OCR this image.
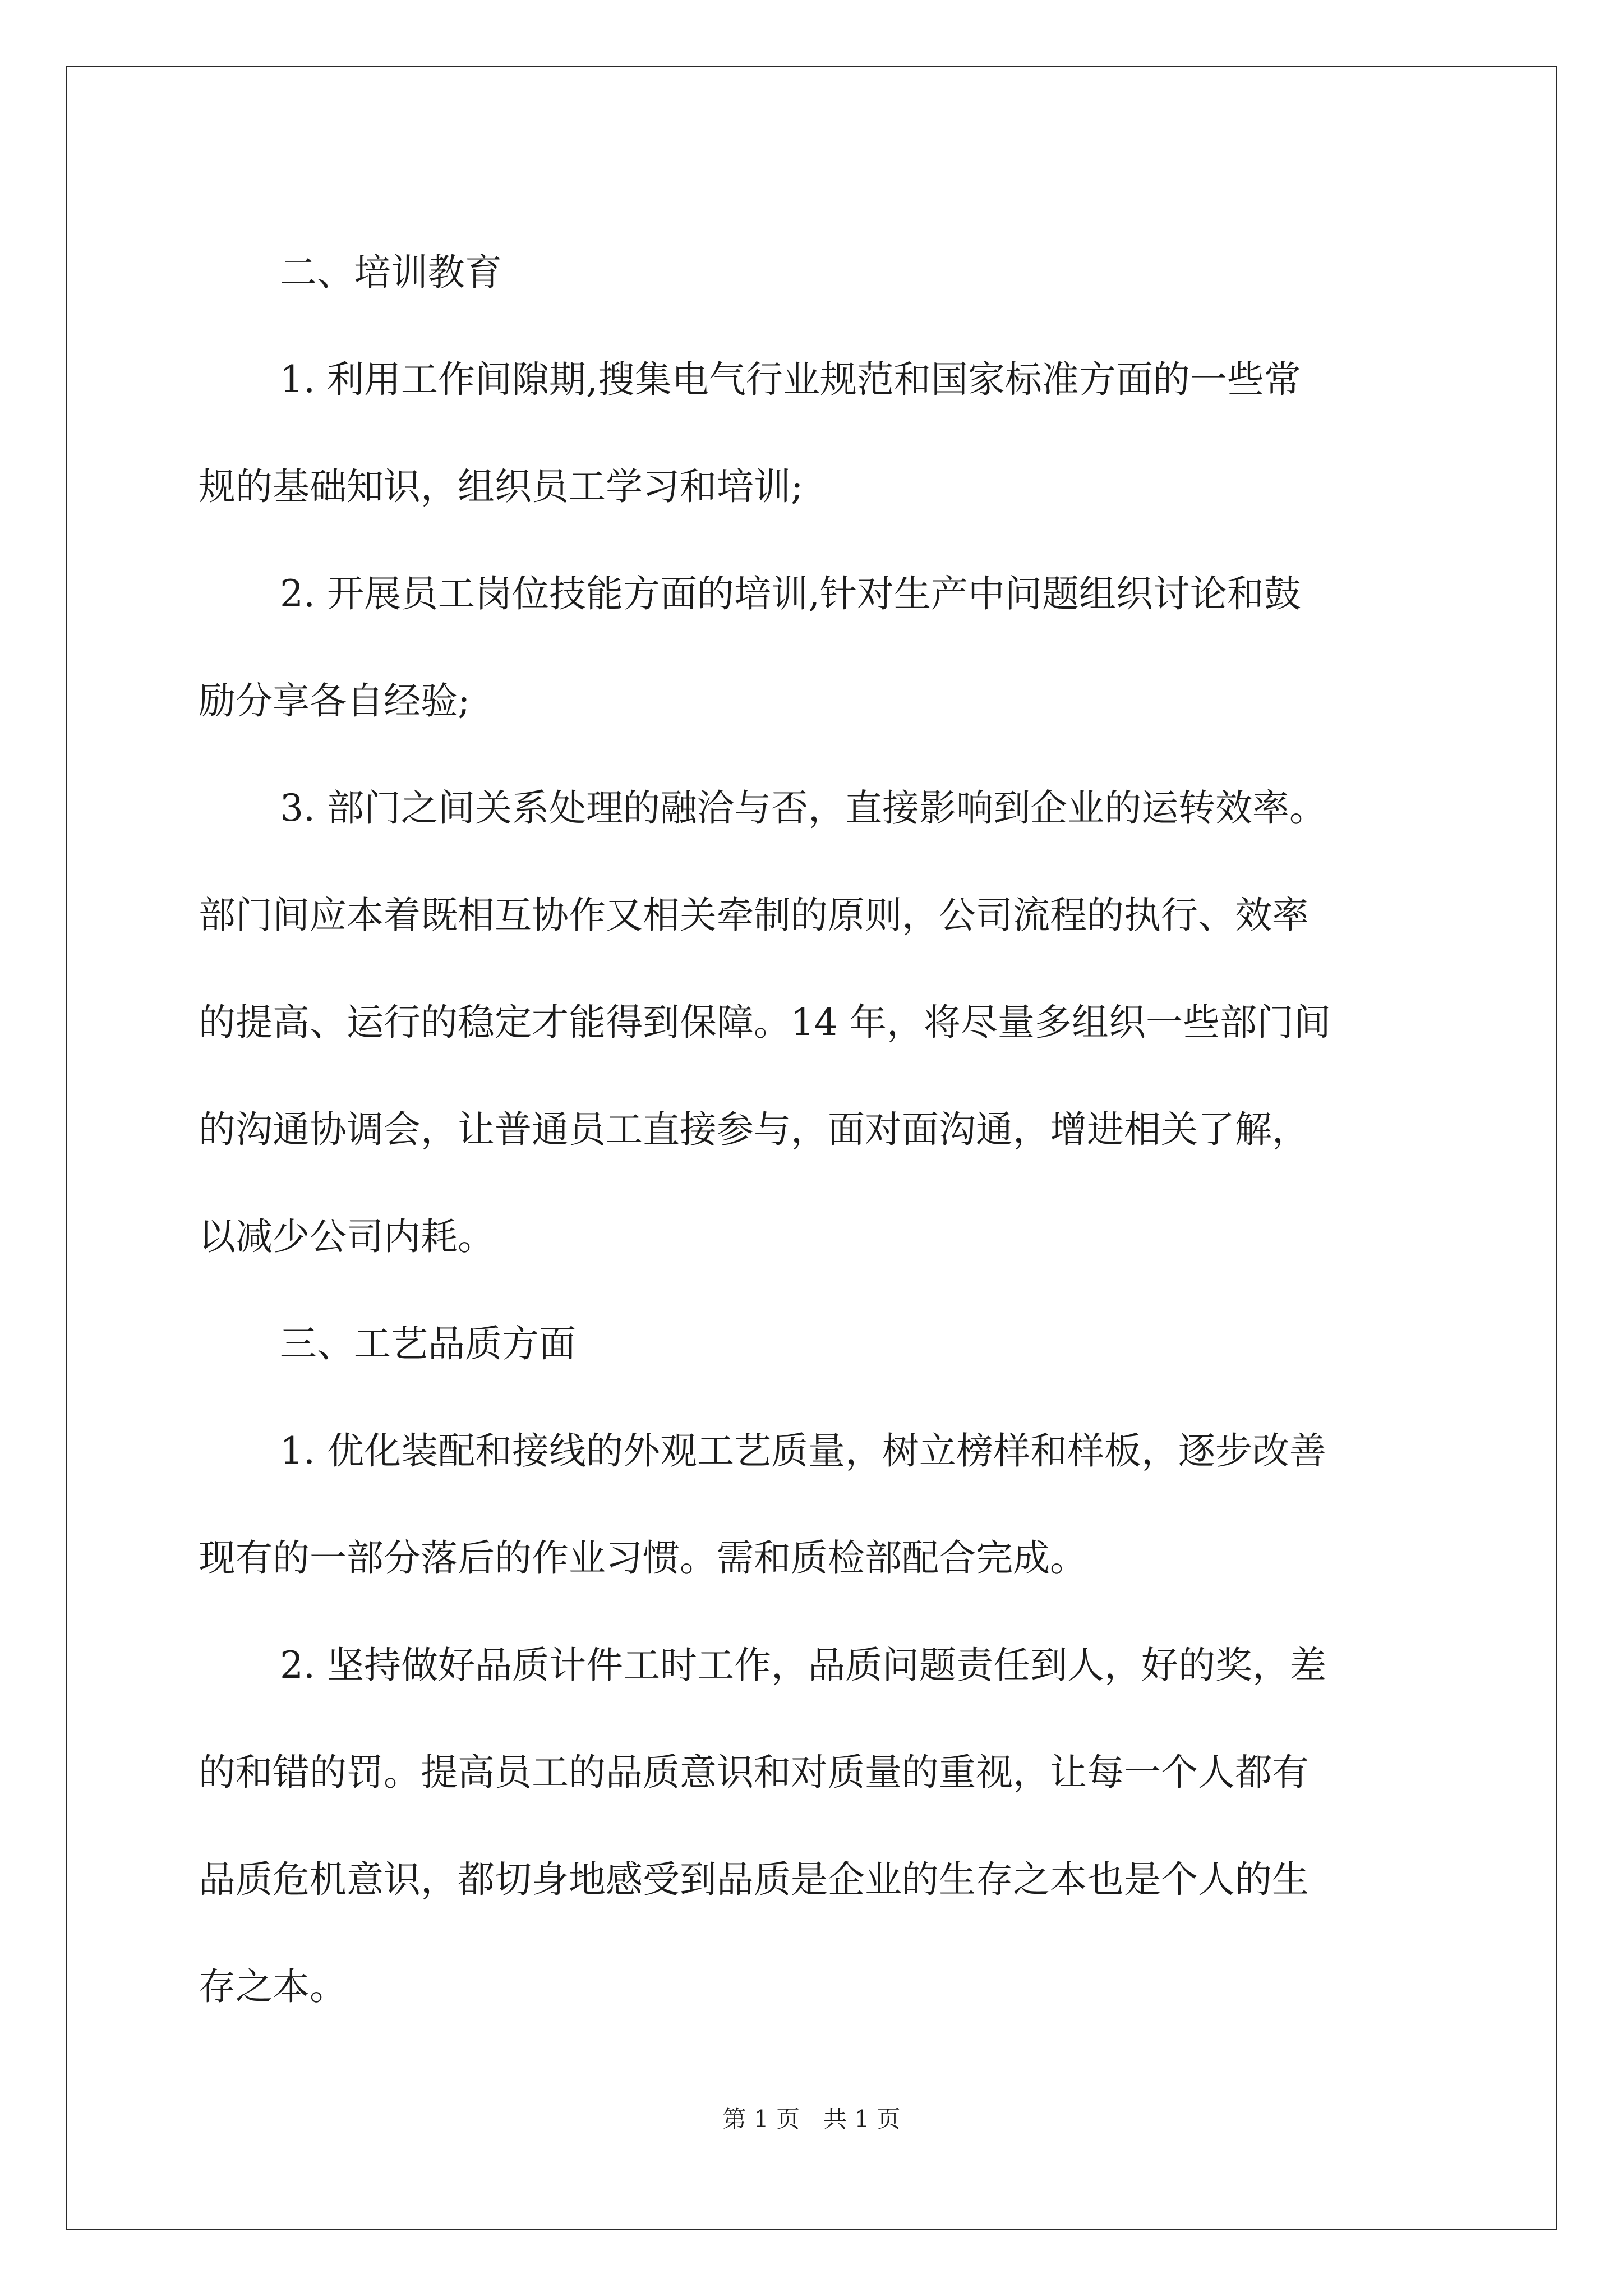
二、培训教育

1. 利用工作间隙期,搜集电气行业规范和国家标准方面的一些常
规的基础知识，组织员工学习和培训;

2. 开展员工岗位技能方面的培训,针对生产中问题组织讨论和鼓
励分享各自经验;

3. 部门之间关系处理的融洽与否，直接影响到企业的运转效率。
部门间应本着既相互协作又相关牵制的原则，公司流程的执行、效率
的提高、运行的稳定才能得到保障。14 年，将尽量多组织一些部门间
的沟通协调会，让普通员工直接参与，面对面沟通，增进相关了解，
以减少公司内耗。

三、工艺品质方面

1. 优化装配和接线的外观工艺质量，树立榜样和样板，逐步改善
现有的一部分落后的作业习惯。需和质检部配合完成。

2. 坚持做好品质计件工时工作，品质问题责任到人，好的奖，差
的和错的罚。提高员工的品质意识和对质量的重视，让每一个人都有
品质危机意识，都切身地感受到品质是企业的生存之本也是个人的生
存之本。

第 1 页　共 1 页
